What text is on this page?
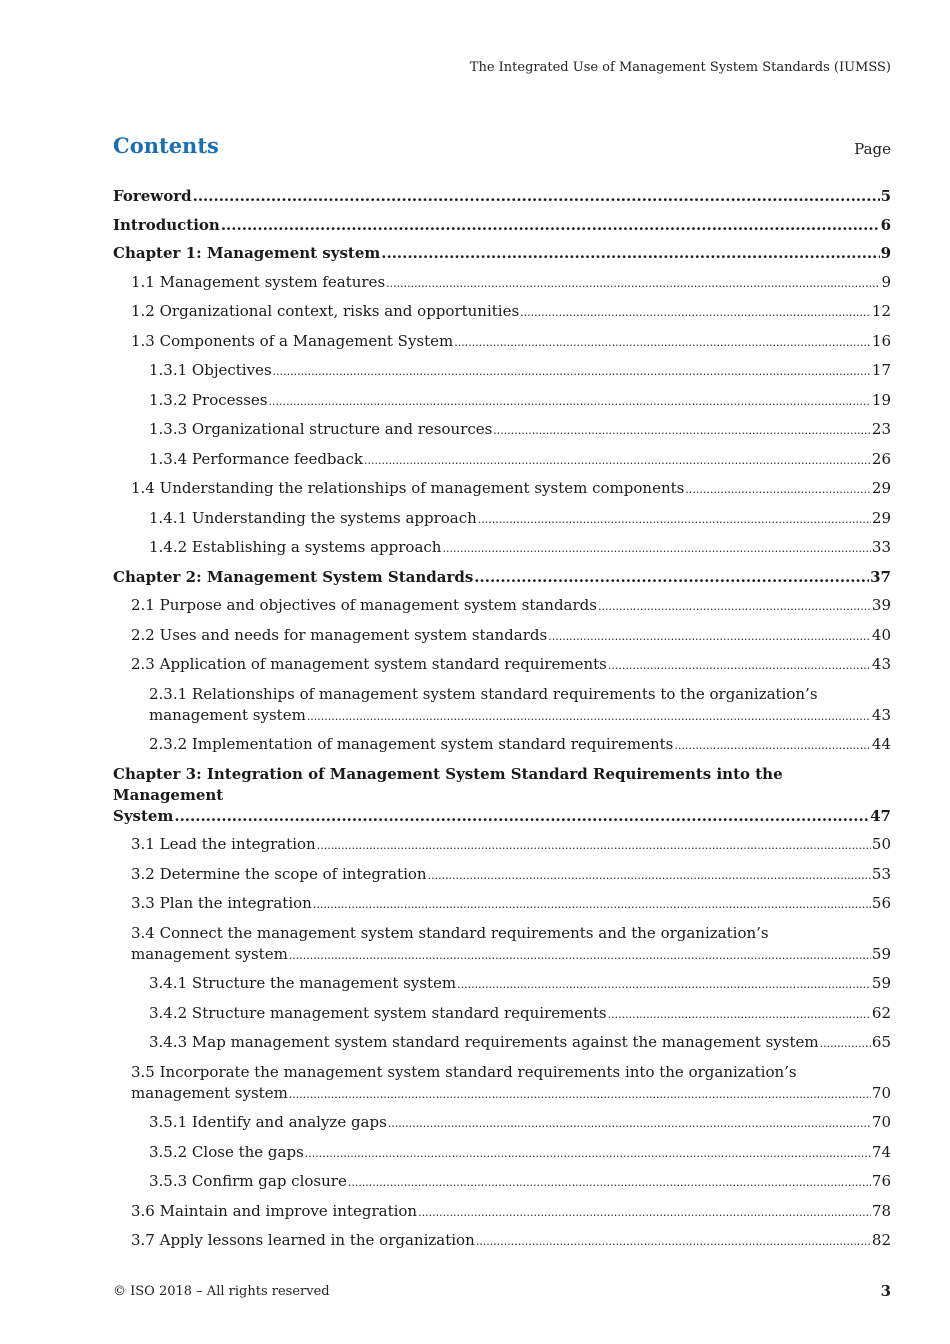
The Integrated Use of Management System Standards (IUMSS)
Contents	Page
Foreword .....	5
Introduction .....	6
Chapter 1: Management system .....	9
1.1 Management system features .....	9
1.2 Organizational context, risks and opportunities .....	12
1.3 Components of a Management System .....	16
1.3.1 Objectives .....	17
1.3.2 Processes .....	19
1.3.3 Organizational structure and resources .....	23
1.3.4 Performance feedback .....	26
1.4 Understanding the relationships of management system components .....	29
1.4.1 Understanding the systems approach .....	29
1.4.2 Establishing a systems approach .....	33
Chapter 2: Management System Standards .....	37
2.1 Purpose and objectives of management system standards .....	39
2.2 Uses and needs for management system standards .....	40
2.3 Application of management system standard requirements .....	43
2.3.1 Relationships of management system standard requirements to the organization’s
management system .....	43
2.3.2 Implementation of management system standard requirements .....	44
Chapter 3: Integration of Management System Standard Requirements into the Management
System .....	47
3.1 Lead the integration .....	50
3.2 Determine the scope of integration .....	53
3.3 Plan the integration .....	56
3.4 Connect the management system standard requirements and the organization’s
management system .....	59
3.4.1 Structure the management system .....	59
3.4.2 Structure management system standard requirements .....	62
3.4.3 Map management system standard requirements against the management system .....	65
3.5 Incorporate the management system standard requirements into the organization’s
management system .....	70
3.5.1 Identify and analyze gaps .....	70
3.5.2 Close the gaps .....	74
3.5.3 Confirm gap closure .....	76
3.6 Maintain and improve integration .....	78
3.7 Apply lessons learned in the organization .....	82
© ISO 2018 – All rights reserved	3
